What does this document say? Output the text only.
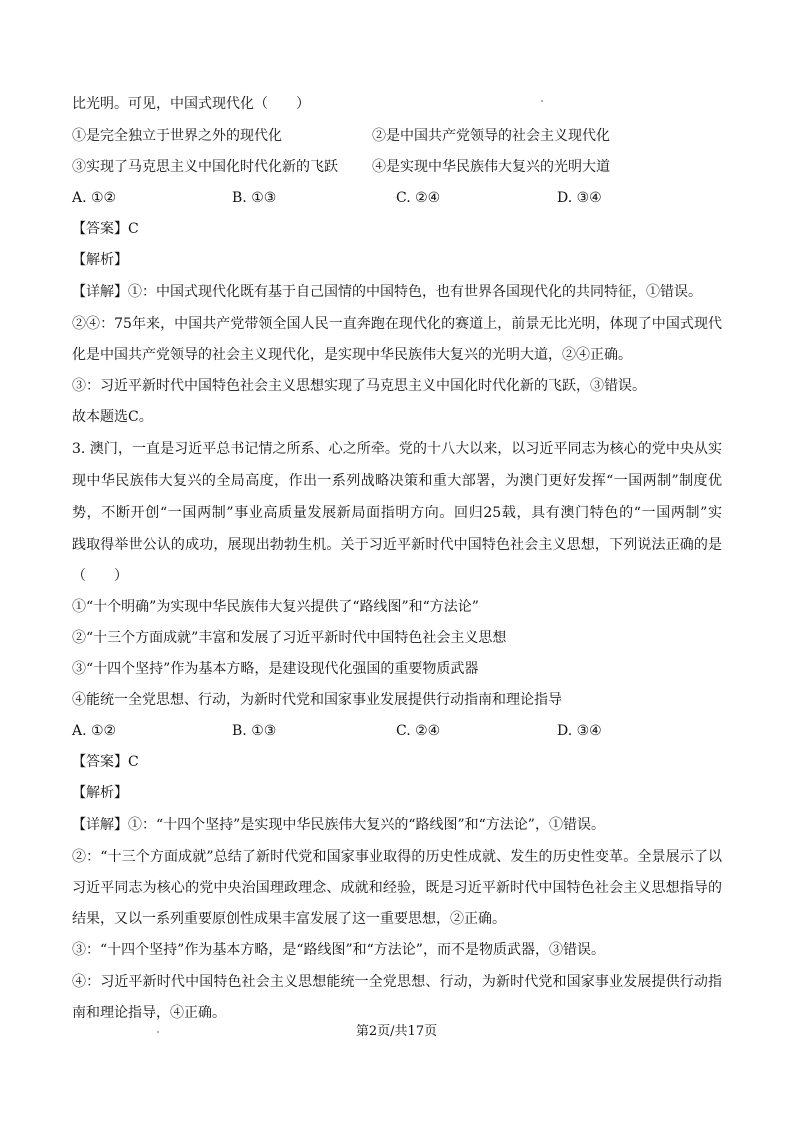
比光明。可见，中国式现代化（　　）
①是完全独立于世界之外的现代化	②是中国共产党领导的社会主义现代化
③实现了马克思主义中国化时代化新的飞跃 ④是实现中华民族伟大复兴的光明大道
A. ①②	B. ①③	C. ②④	D. ③④
【答案】C
【解析】
【详解】①：中国式现代化既有基于自己国情的中国特色，也有世界各国现代化的共同特征，①错误。
②④：75年来，中国共产党带领全国人民一直奔跑在现代化的赛道上，前景无比光明，体现了中国式现代
化是中国共产党领导的社会主义现代化，是实现中华民族伟大复兴的光明大道，②④正确。
③：习近平新时代中国特色社会主义思想实现了马克思主义中国化时代化新的飞跃，③错误。
故本题选C。
3. 澳门，一直是习近平总书记情之所系、心之所牵。党的十八大以来，以习近平同志为核心的党中央从实
现中华民族伟大复兴的全局高度，作出一系列战略决策和重大部署，为澳门更好发挥“一国两制”制度优
势，不断开创“一国两制”事业高质量发展新局面指明方向。回归25载，具有澳门特色的“一国两制”实
践取得举世公认的成功，展现出勃勃生机。关于习近平新时代中国特色社会主义思想，下列说法正确的是
（　　）
①“十个明确”为实现中华民族伟大复兴提供了“路线图”和“方法论”
②“十三个方面成就”丰富和发展了习近平新时代中国特色社会主义思想
③“十四个坚持”作为基本方略，是建设现代化强国的重要物质武器
④能统一全党思想、行动，为新时代党和国家事业发展提供行动指南和理论指导
A. ①②	B. ①③	C. ②④	D. ③④
【答案】C
【解析】
【详解】①：“十四个坚持”是实现中华民族伟大复兴的“路线图”和“方法论”，①错误。
②：“十三个方面成就”总结了新时代党和国家事业取得的历史性成就、发生的历史性变革。全景展示了以
习近平同志为核心的党中央治国理政理念、成就和经验，既是习近平新时代中国特色社会主义思想指导的
结果，又以一系列重要原创性成果丰富发展了这一重要思想，②正确。
③：“十四个坚持”作为基本方略，是“路线图”和“方法论”，而不是物质武器，③错误。
④：习近平新时代中国特色社会主义思想能统一全党思想、行动，为新时代党和国家事业发展提供行动指
南和理论指导，④正确。
第2页/共17页
